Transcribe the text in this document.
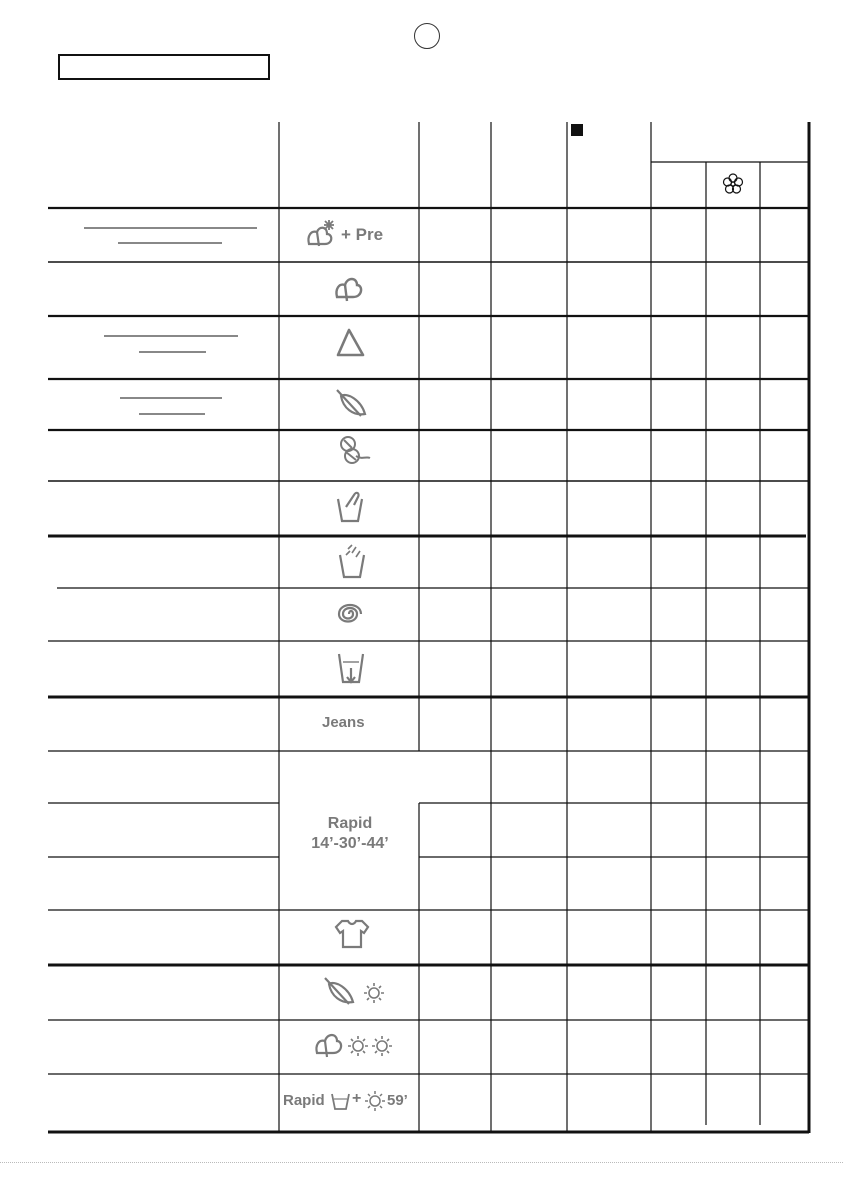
+ Pre
Jeans
Rapid
14’-30’-44’
Rapid + 59’
